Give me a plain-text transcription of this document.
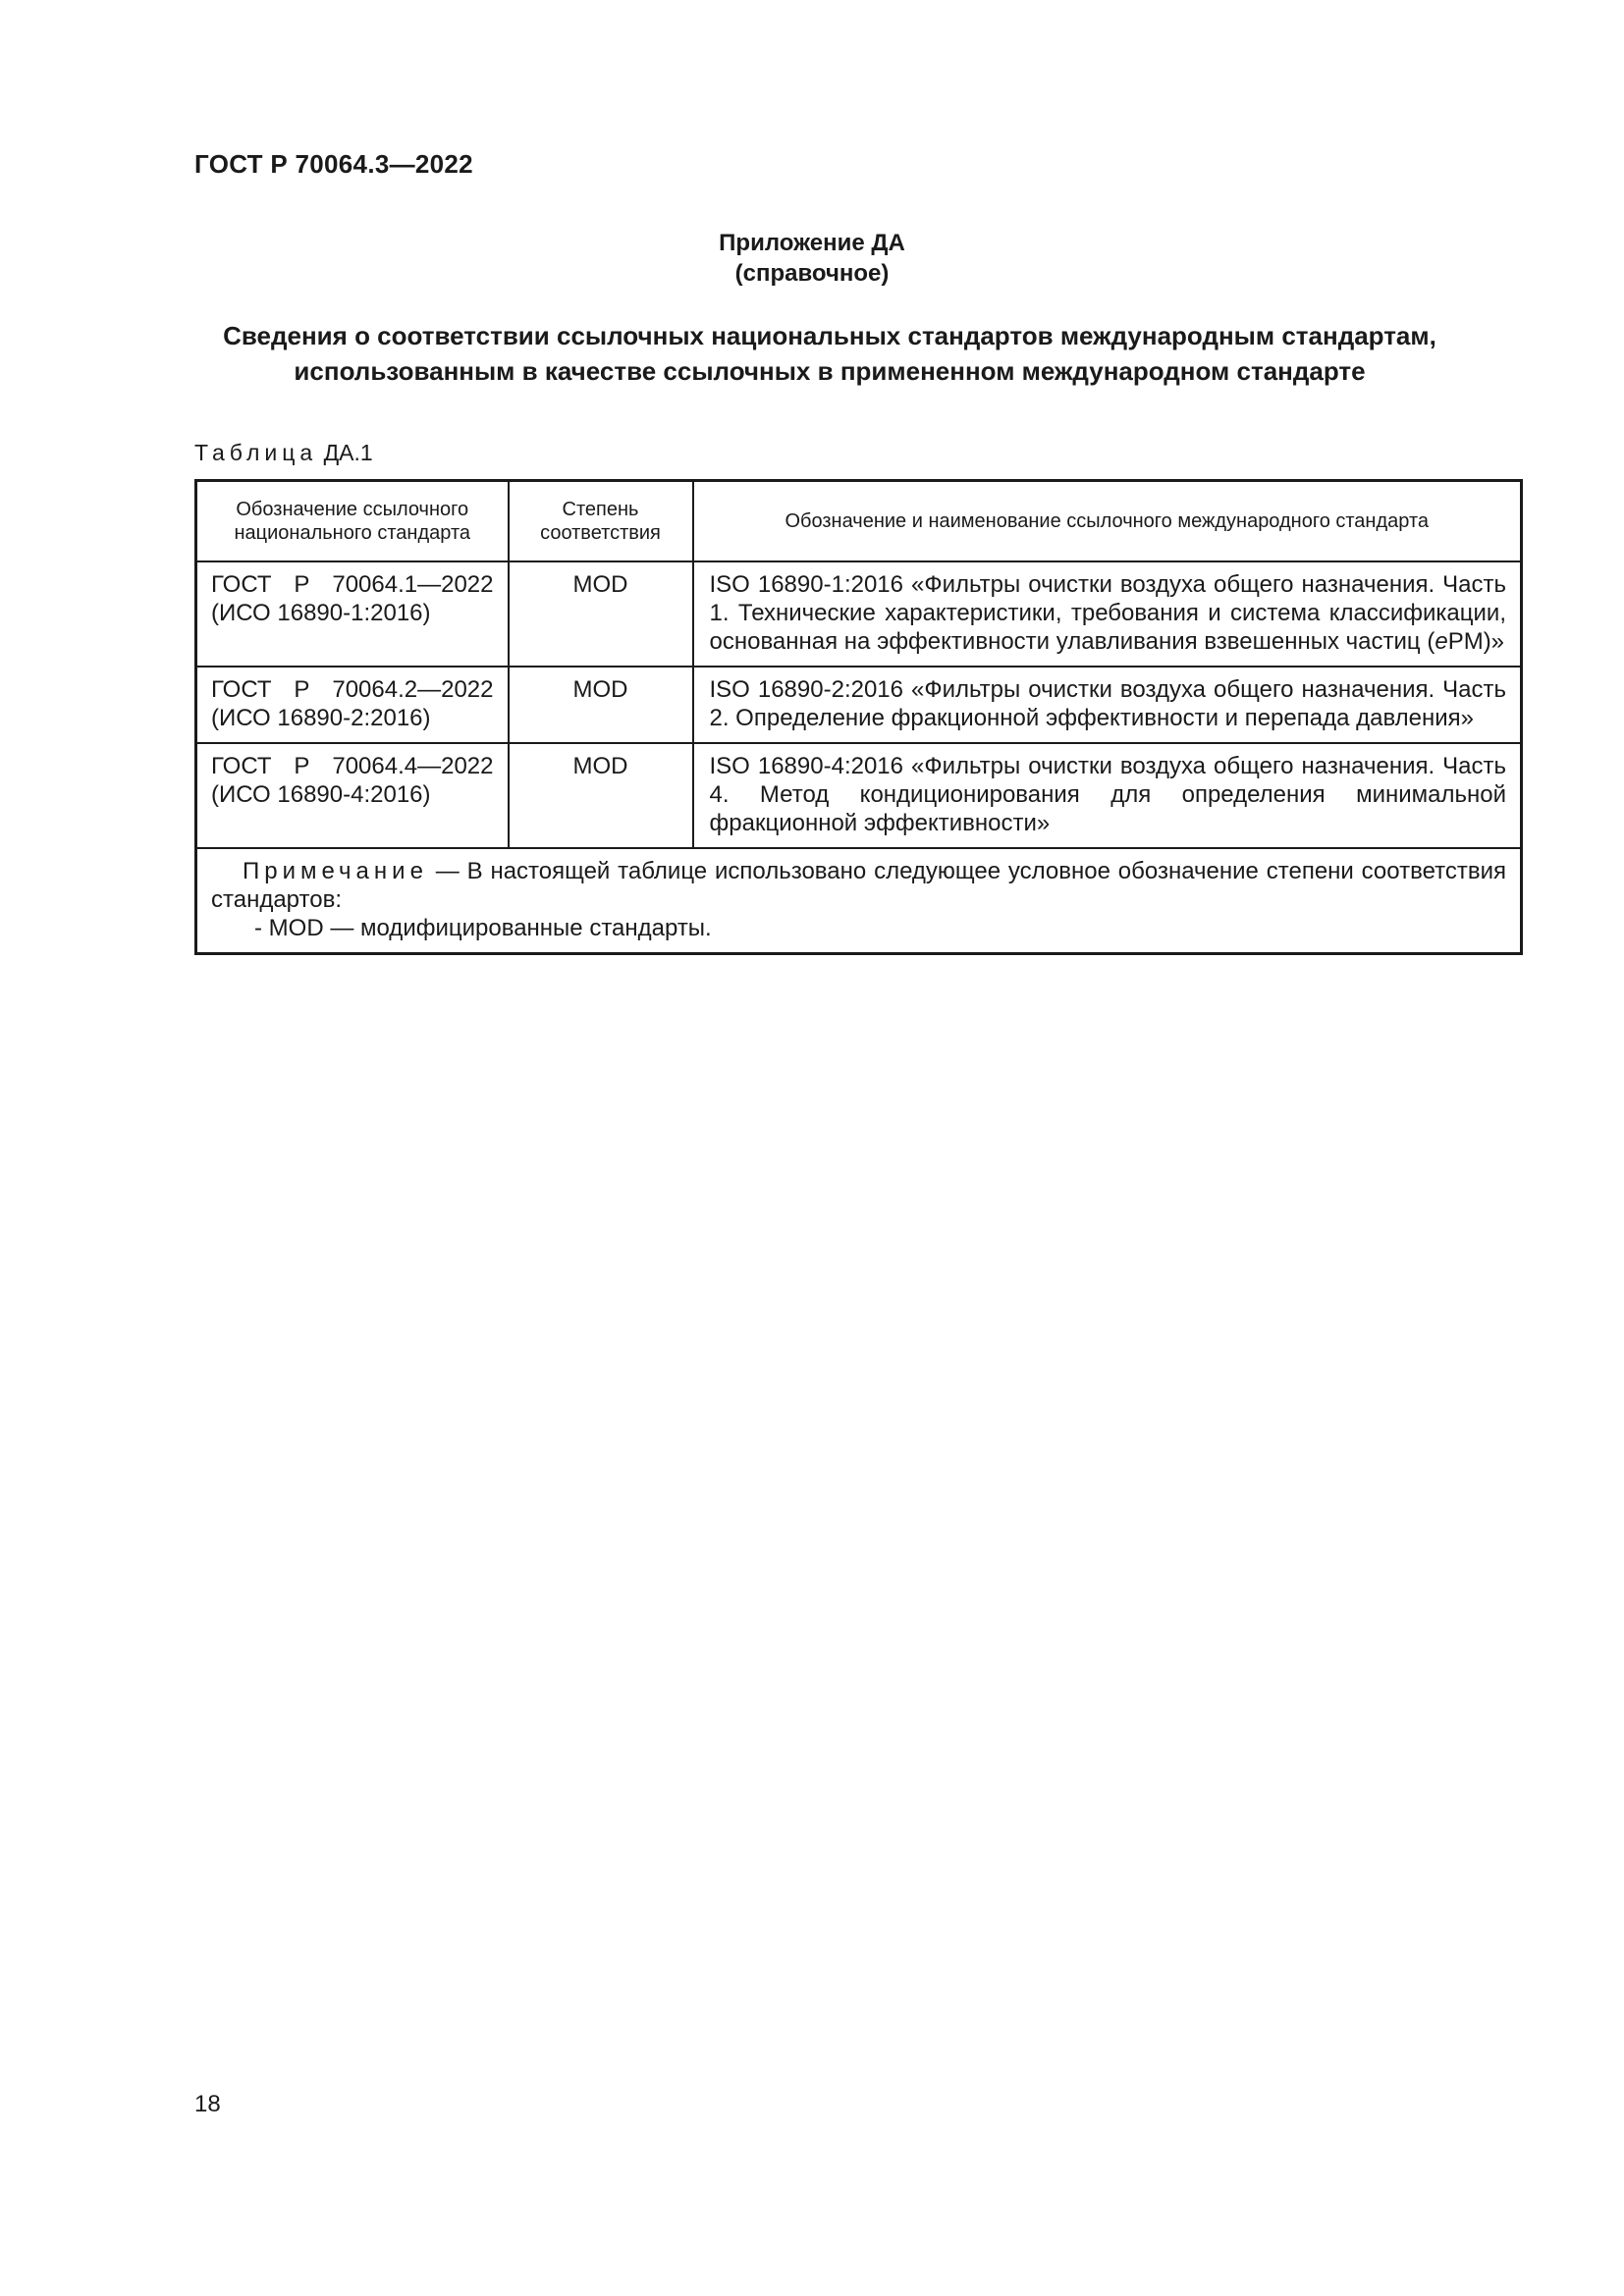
ГОСТ Р 70064.3—2022
Приложение ДА
(справочное)
Сведения о соответствии ссылочных национальных стандартов международным стандартам,
использованным в качестве ссылочных в примененном международном стандарте
Таблица ДА.1
Обозначение ссылочного национального стандарта	Степень соответствия	Обозначение и наименование ссылочного международного стандарта
ГОСТ Р 70064.1—2022 (ИСО 16890-1:2016)	MOD	ISO 16890-1:2016 «Фильтры очистки воздуха общего назначения. Часть 1. Технические характеристики, требования и система классификации, основанная на эффективности улавливания взвешенных частиц (ePM)»
ГОСТ Р 70064.2—2022 (ИСО 16890-2:2016)	MOD	ISO 16890-2:2016 «Фильтры очистки воздуха общего назначения. Часть 2. Определение фракционной эффективности и перепада давления»
ГОСТ Р 70064.4—2022 (ИСО 16890-4:2016)	MOD	ISO 16890-4:2016 «Фильтры очистки воздуха общего назначения. Часть 4. Метод кондиционирования для определения минимальной фракционной эффективности»

Примечание — В настоящей таблице использовано следующее условное обозначение степени соответствия стандартов:
- MOD — модифицированные стандарты.		
18
